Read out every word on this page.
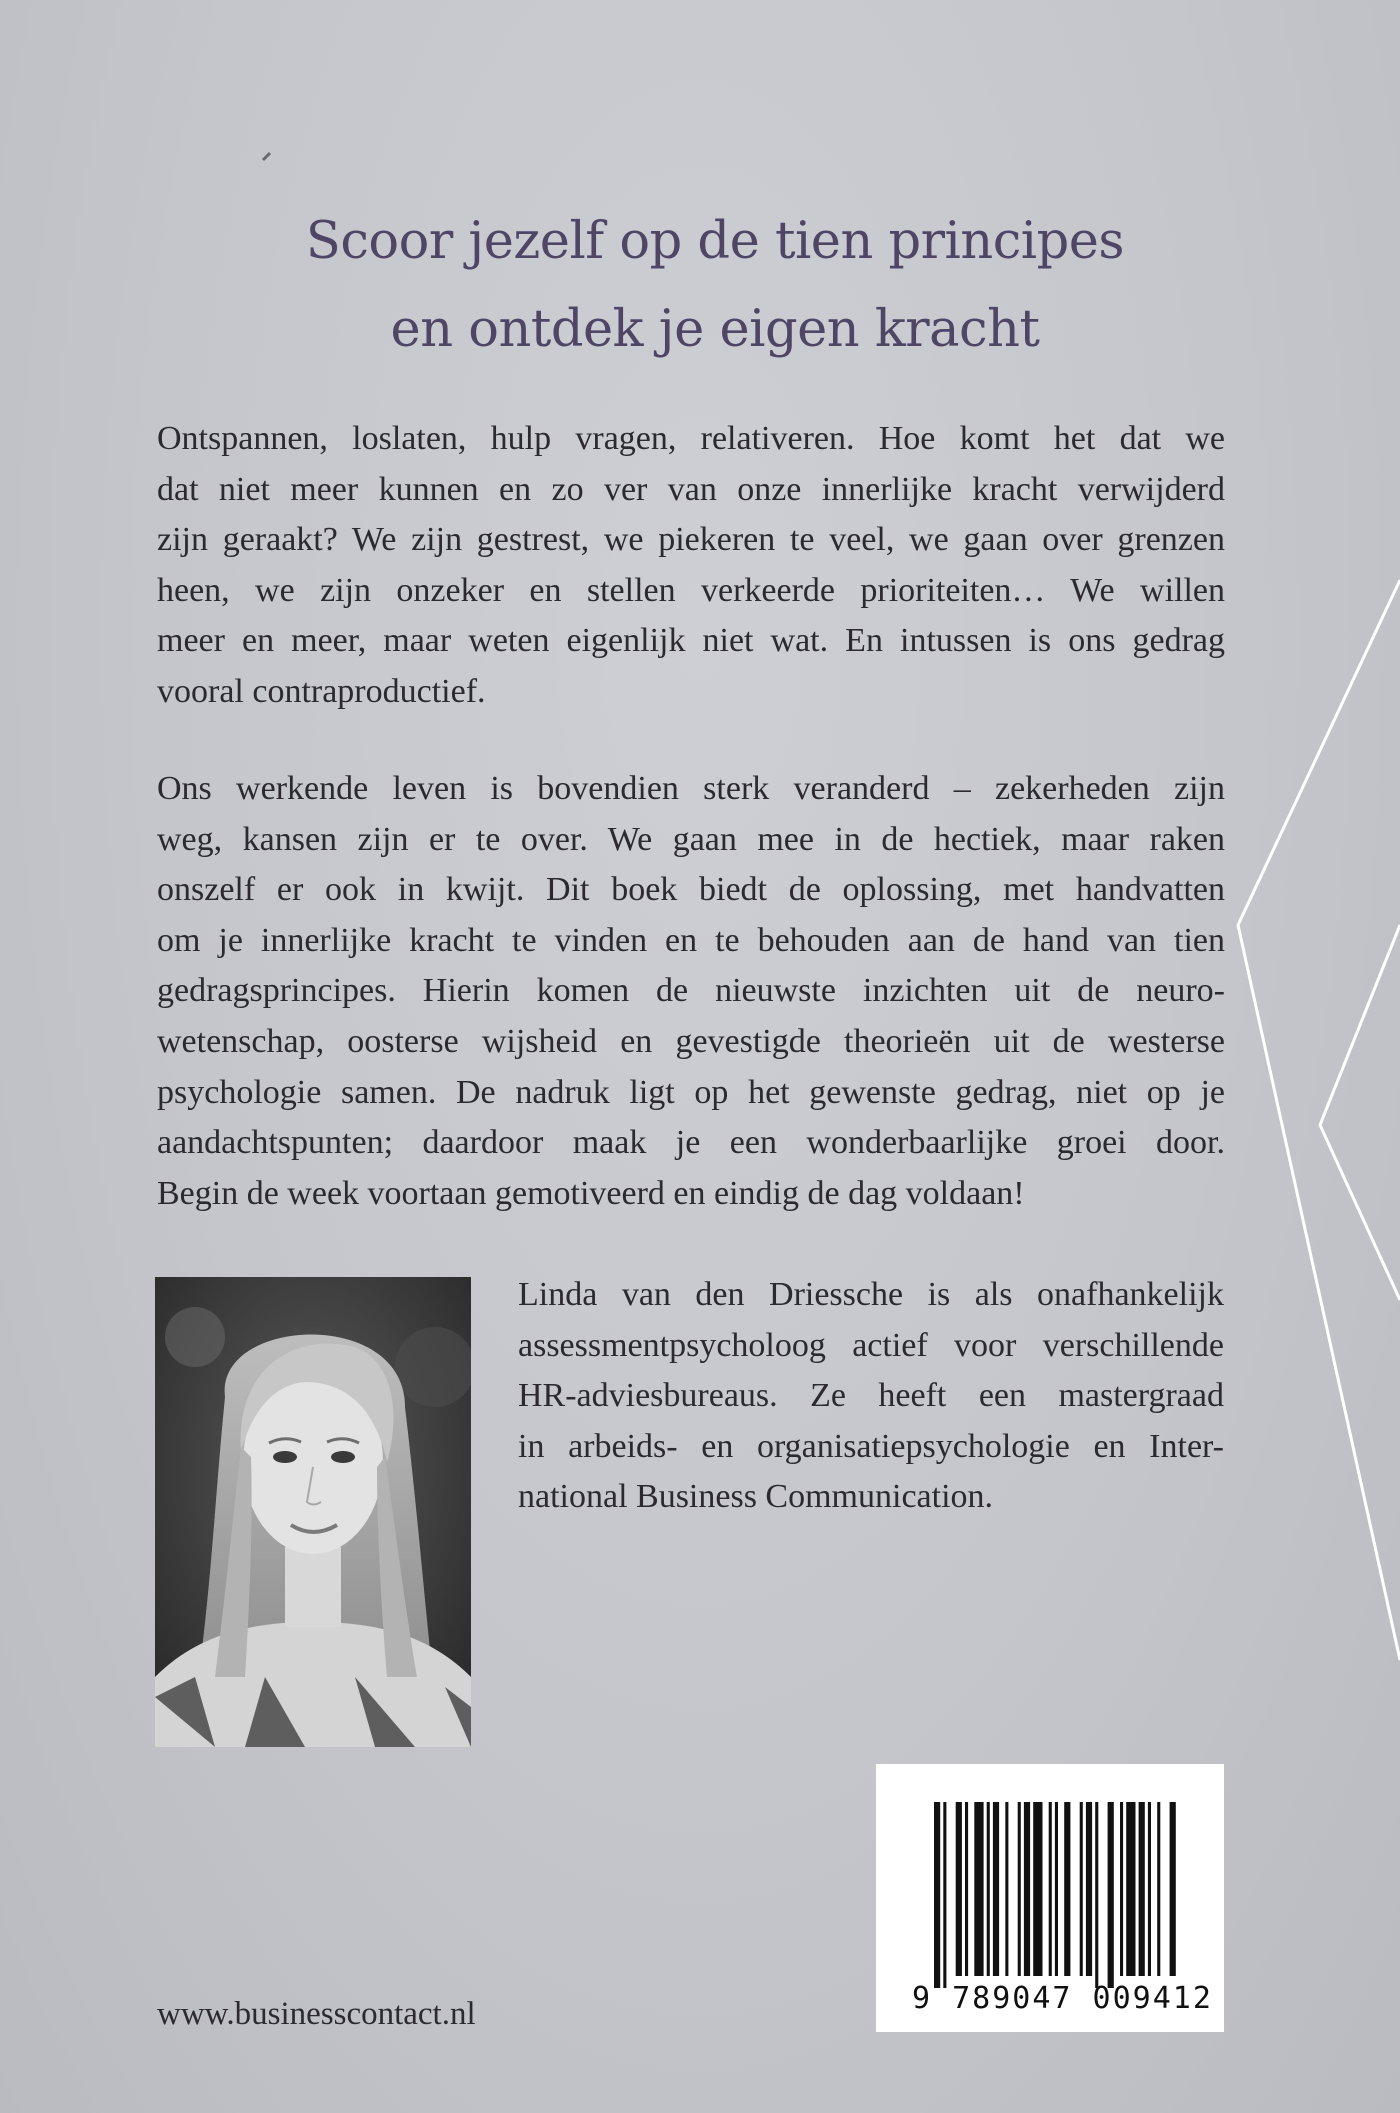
Scoor jezelf op de tien principes
en ontdek je eigen kracht

Ontspannen, loslaten, hulp vragen, relativeren. Hoe komt het dat we
dat niet meer kunnen en zo ver van onze innerlijke kracht verwijderd
zijn geraakt? We zijn gestrest, we piekeren te veel, we gaan over grenzen
heen, we zijn onzeker en stellen verkeerde prioriteiten… We willen
meer en meer, maar weten eigenlijk niet wat. En intussen is ons gedrag
vooral contraproductief.

Ons werkende leven is bovendien sterk veranderd – zekerheden zijn
weg, kansen zijn er te over. We gaan mee in de hectiek, maar raken
onszelf er ook in kwijt. Dit boek biedt de oplossing, met handvatten
om je innerlijke kracht te vinden en te behouden aan de hand van tien
gedragsprincipes. Hierin komen de nieuwste inzichten uit de neuro-
wetenschap, oosterse wijsheid en gevestigde theorieën uit de westerse
psychologie samen. De nadruk ligt op het gewenste gedrag, niet op je
aandachtspunten; daardoor maak je een wonderbaarlijke groei door.
Begin de week voortaan gemotiveerd en eindig de dag voldaan!

Linda van den Driessche is als onafhankelijk
assessmentpsycholoog actief voor verschillende
HR-adviesbureaus. Ze heeft een mastergraad
in arbeids- en organisatiepsychologie en Inter-
national Business Communication.

www.businesscontact.nl	9 789047 009412
